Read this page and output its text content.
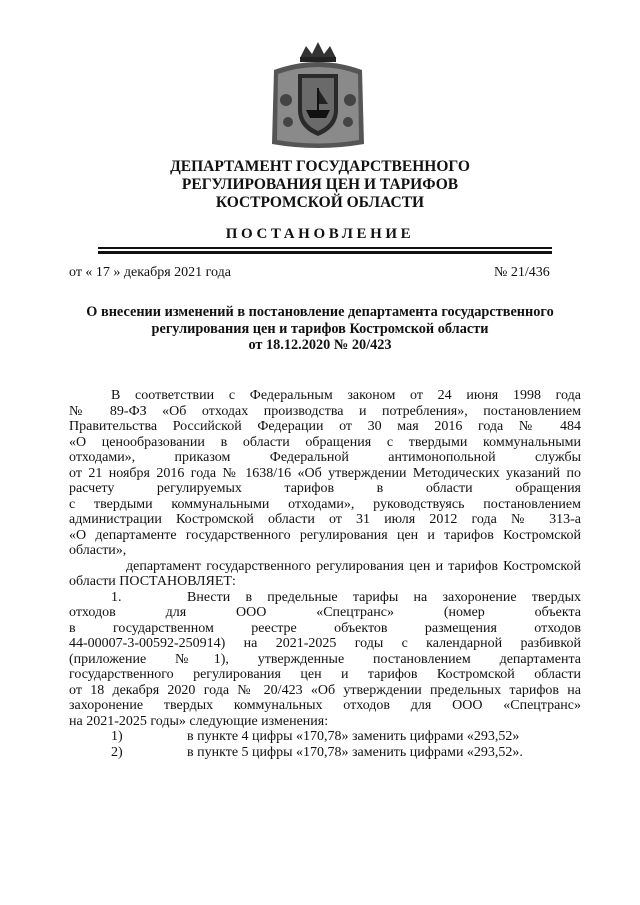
ДЕПАРТАМЕНТ ГОСУДАРСТВЕННОГО
РЕГУЛИРОВАНИЯ ЦЕН И ТАРИФОВ
КОСТРОМСКОЙ ОБЛАСТИ
ПОСТАНОВЛЕНИЕ
от « 17 » декабря 2021 года	№ 21/436
О внесении изменений в постановление департамента государственного
регулирования цен и тарифов Костромской области
от 18.12.2020 № 20/423
В соответствии с Федеральным законом от 24 июня 1998 года
№ 89-ФЗ «Об отходах производства и потребления», постановлением
Правительства Российской Федерации от 30 мая 2016 года № 484
«О ценообразовании в области обращения с твердыми коммунальными
отходами», приказом Федеральной антимонопольной службы
от 21 ноября 2016 года № 1638/16 «Об утверждении Методических указаний по
расчету регулируемых тарифов в области обращения
с твердыми коммунальными отходами», руководствуясь постановлением
администрации Костромской области от 31 июля 2012 года № 313-а
«О департаменте государственного регулирования цен и тарифов Костромской
области»,
департамент государственного регулирования цен и тарифов Костромской
области ПОСТАНОВЛЯЕТ:
1.	Внести в предельные тарифы на захоронение твердых
отходов для ООО «Спецтранс» (номер объекта
в государственном реестре объектов размещения отходов
44-00007-3-00592-250914) на 2021-2025 годы с календарной разбивкой
(приложение №1), утвержденные постановлением департамента
государственного регулирования цен и тарифов Костромской области
от 18 декабря 2020 года № 20/423 «Об утверждении предельных тарифов на
захоронение твердых коммунальных отходов для ООО «Спецтранс»
на 2021-2025 годы» следующие изменения:
1)	в пункте 4 цифры «170,78» заменить цифрами «293,52»
2)	в пункте 5 цифры «170,78» заменить цифрами «293,52».
